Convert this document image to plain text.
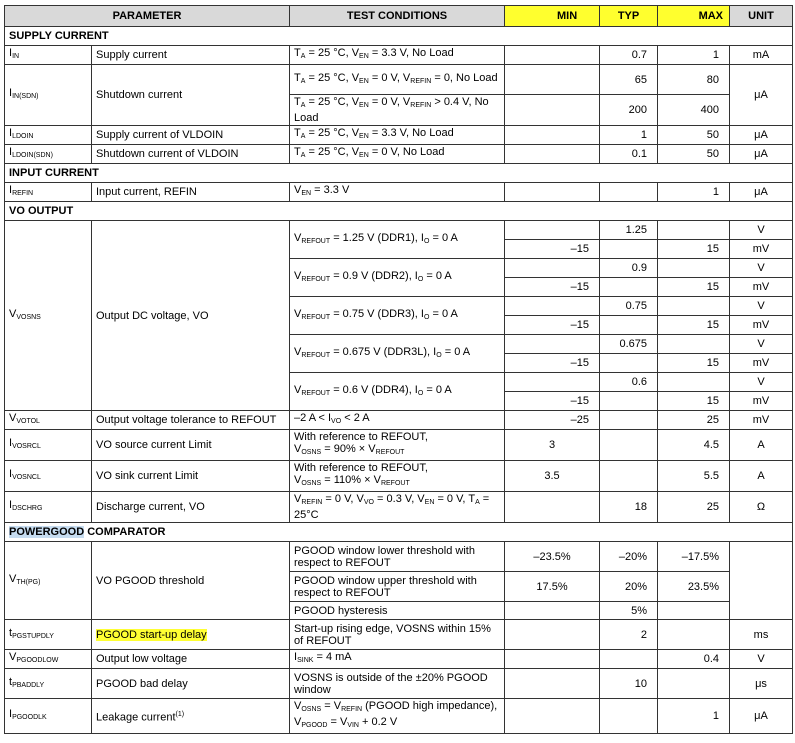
PARAMETER		TEST CONDITIONS	MIN	TYP	MAX	UNIT
SUPPLY CURRENT						
$I_{IN}$	Supply current	$T_A = 25$ °C, $V_{EN} = 3.3$ V, No Load		0.7	1	mA
$I_{IN(SDN)}$	Shutdown current	$T_A = 25$ °C, $V_{EN} = 0$ V, $V_{REFIN} = 0$, No Load		65	80	μA
		$T_A = 25$ °C, $V_{EN} = 0$ V, $V_{REFIN} > 0.4$ V, No Load		200	400	
$I_{LDOIN}$	Supply current of VLDOIN	$T_A = 25$ °C, $V_{EN} = 3.3$ V, No Load		1	50	μA
$I_{LDOIN(SDN)}$	Shutdown current of VLDOIN	$T_A = 25$ °C, $V_{EN} = 0$ V, No Load		0.1	50	μA
INPUT CURRENT						
$I_{REFIN}$	Input current, REFIN	$V_{EN} = 3.3$ V			1	μA
VO OUTPUT						
$V_{VOSNS}$	Output DC voltage, VO	$V_{REFOUT} = 1.25$ V (DDR1), $I_O = 0$ A		1.25		V
			–15		15	mV
		$V_{REFOUT} = 0.9$ V (DDR2), $I_O = 0$ A		0.9		V
			–15		15	mV
		$V_{REFOUT} = 0.75$ V (DDR3), $I_O = 0$ A		0.75		V
			–15		15	mV
		$V_{REFOUT} = 0.675$ V (DDR3L), $I_O = 0$ A		0.675		V
			–15		15	mV
		$V_{REFOUT} = 0.6$ V (DDR4), $I_O = 0$ A		0.6		V
			–15		15	mV
$V_{VOTOL}$	Output voltage tolerance to REFOUT	–2 $A < I_{VO} < 2$ A	–25		25	mV
$I_{VOSRCL}$	VO source current Limit	With reference to REFOUT,
$V_{OSNS} = 90\% \times V_{REFOUT}$	3		4.5	A
$I_{VOSNCL}$	VO sink current Limit	With reference to REFOUT,
$V_{OSNS} = 110\% \times V_{REFOUT}$	3.5		5.5	A
$I_{DSCHRG}$	Discharge current, VO	$V_{REFIN} = 0$ V, $V_{VO} = 0.3$ V, $V_{EN} = 0$ V, $T_A = 25^\circ C$		18	25	Ω
POWERGOOD COMPARATOR						
$V_{TH(PG)}$	VO PGOOD threshold	PGOOD window lower threshold with respect to REFOUT	–23.5%	–20%	–17.5%	
		PGOOD window upper threshold with respect to REFOUT	17.5%	20%	23.5%	
		PGOOD hysteresis		5%		
$t_{PGSTUPDLY}$	PGOOD start-up delay	Start-up rising edge, VOSNS within 15% of REFOUT		2		ms
$V_{PGOODLOW}$	Output low voltage	$I_{SINK} = 4$ mA			0.4	V
$t_{PBADDLY}$	PGOOD bad delay	VOSNS is outside of the ±20% PGOOD window		10		μs
$I_{PGOODLK}$	Leakage current$^{(1)}$	$V_{OSNS} = V_{REFIN}$ (PGOOD high impedance), $V_{PGOOD} = V_{VIN} + 0.2$ V			1	μA
